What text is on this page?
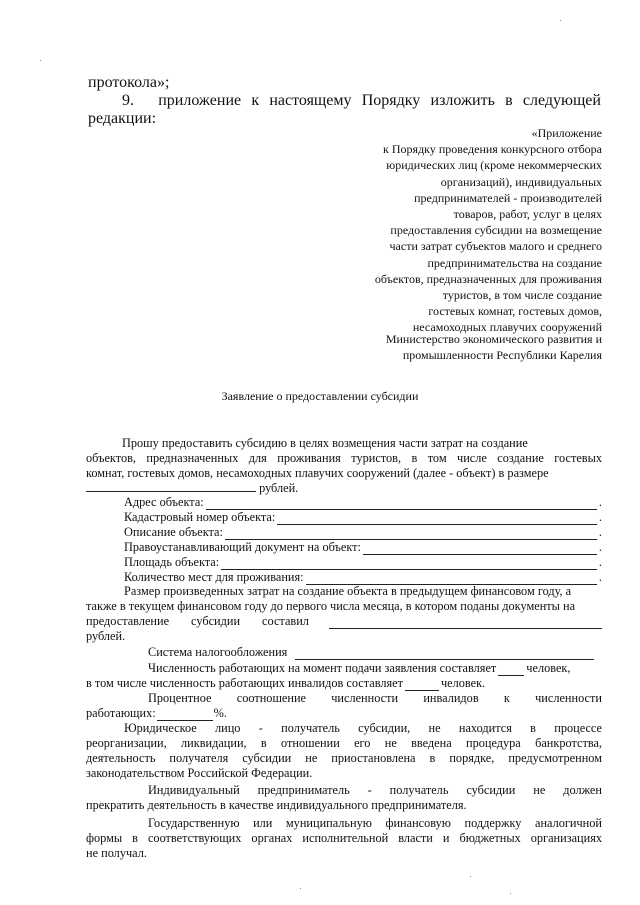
протокола»;
9. приложение к настоящему Порядку изложить в следующей
редакции:
«Приложение
к Порядку проведения конкурсного отбора
юридических лиц (кроме некоммерческих
организаций), индивидуальных
предпринимателей - производителей
товаров, работ, услуг в целях
предоставления субсидии на возмещение
части затрат субъектов малого и среднего
предпринимательства на создание
объектов, предназначенных для проживания
туристов, в том числе создание
гостевых комнат, гостевых домов,
несамоходных плавучих сооружений
Министерство экономического развития и
промышленности Республики Карелия
Заявление о предоставлении субсидии
Прошу предоставить субсидию в целях возмещения части затрат на создание
объектов, предназначенных для проживания туристов, в том числе создание гостевых
комнат, гостевых домов, несамоходных плавучих сооружений (далее - объект) в размере
рублей.
Адрес объекта:	.
Кадастровый номер объекта:	.
Описание объекта:	.
Правоустанавливающий документ на объект:	.
Площадь объекта:	.
Количество мест для проживания:	.
Размер произведенных затрат на создание объекта в предыдущем финансовом году, а
также в текущем финансовом году до первого числа месяца, в котором поданы документы на
предоставление субсидии составил
рублей.
Система налогообложения
Численность работающих на момент подачи заявления составляет человек,
в том числе численность работающих инвалидов составляет	человек.
Процентное соотношение численности инвалидов к численности
работающих:	%.
Юридическое лицо - получатель субсидии, не находится в процессе
реорганизации, ликвидации, в отношении его не введена процедура банкротства,
деятельность получателя субсидии не приостановлена в порядке, предусмотренном
законодательством Российской Федерации.
Индивидуальный предприниматель - получатель субсидии не должен
прекратить деятельность в качестве индивидуального предпринимателя.
Государственную или муниципальную финансовую поддержку аналогичной
формы в соответствующих органах исполнительной власти и бюджетных организациях
не получал.
